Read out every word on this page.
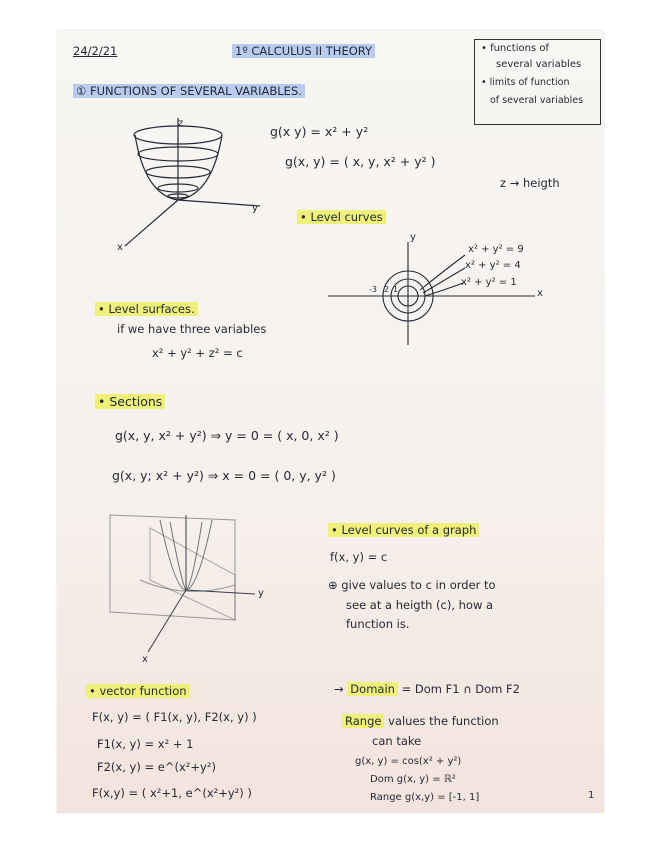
24/2/21	1º CALCULUS II THEORY	• functions of
several variables
• limits of function
of several variables
① FUNCTIONS OF SEVERAL VARIABLES.
z
y
x
g(x y) = x² + y²
g(x, y) = ( x, y, x² + y² )
z → heigth
• Level curves
x² + y² = 9
x² + y² = 4
x² + y² = 1
y
x
-3 2 1
• Level surfaces.
if we have three variables
x² + y² + z² = c
• Sections
g(x, y, x² + y²) ⇒ y = 0 = ( x, 0, x² )
g(x, y; x² + y²) ⇒ x = 0 = ( 0, y, y² )
y
x
• Level curves of a graph
f(x, y) = c
⊕ give values to c in order to
see at a heigth (c), how a
function is.
• vector function
F(x, y) = ( F1(x, y), F2(x, y) )
F1(x, y) = x² + 1
F2(x, y) = e^(x²+y²)
F(x,y) = ( x²+1, e^(x²+y²) )
→ Domain = Dom F1 ∩ Dom F2
Range values the function
can take
g(x, y) = cos(x² + y²)
Dom g(x, y) = ℝ²
Range g(x,y) = [-1, 1]	1
